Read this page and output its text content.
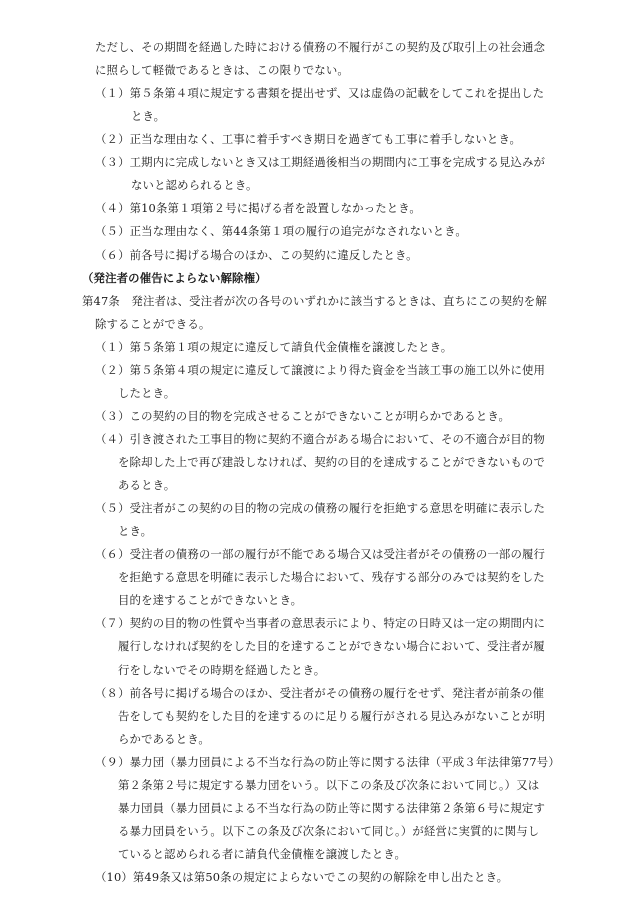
ただし、その期間を経過した時における債務の不履行がこの契約及び取引上の社会通念
に照らして軽微であるときは、この限りでない。
（１）第５条第４項に規定する書類を提出せず、又は虚偽の記載をしてこれを提出した
とき。
（２）正当な理由なく、工事に着手すべき期日を過ぎても工事に着手しないとき。
（３）工期内に完成しないとき又は工期経過後相当の期間内に工事を完成する見込みが
ないと認められるとき。
（４）第10条第１項第２号に掲げる者を設置しなかったとき。
（５）正当な理由なく、第44条第１項の履行の追完がなされないとき。
（６）前各号に掲げる場合のほか、この契約に違反したとき。
（発注者の催告によらない解除権）
第47条　発注者は、受注者が次の各号のいずれかに該当するときは、直ちにこの契約を解
除することができる。
（１）第５条第１項の規定に違反して請負代金債権を譲渡したとき。
（２）第５条第４項の規定に違反して譲渡により得た資金を当該工事の施工以外に使用
したとき。
（３）この契約の目的物を完成させることができないことが明らかであるとき。
（４）引き渡された工事目的物に契約不適合がある場合において、その不適合が目的物
を除却した上で再び建設しなければ、契約の目的を達成することができないもので
あるとき。
（５）受注者がこの契約の目的物の完成の債務の履行を拒絶する意思を明確に表示した
とき。
（６）受注者の債務の一部の履行が不能である場合又は受注者がその債務の一部の履行
を拒絶する意思を明確に表示した場合において、残存する部分のみでは契約をした
目的を達することができないとき。
（７）契約の目的物の性質や当事者の意思表示により、特定の日時又は一定の期間内に
履行しなければ契約をした目的を達することができない場合において、受注者が履
行をしないでその時期を経過したとき。
（８）前各号に掲げる場合のほか、受注者がその債務の履行をせず、発注者が前条の催
告をしても契約をした目的を達するのに足りる履行がされる見込みがないことが明
らかであるとき。
（９）暴力団（暴力団員による不当な行為の防止等に関する法律（平成３年法律第77号）
第２条第２号に規定する暴力団をいう。以下この条及び次条において同じ。）又は
暴力団員（暴力団員による不当な行為の防止等に関する法律第２条第６号に規定す
る暴力団員をいう。以下この条及び次条において同じ。）が経営に実質的に関与し
ていると認められる者に請負代金債権を譲渡したとき。
（10）第49条又は第50条の規定によらないでこの契約の解除を申し出たとき。
